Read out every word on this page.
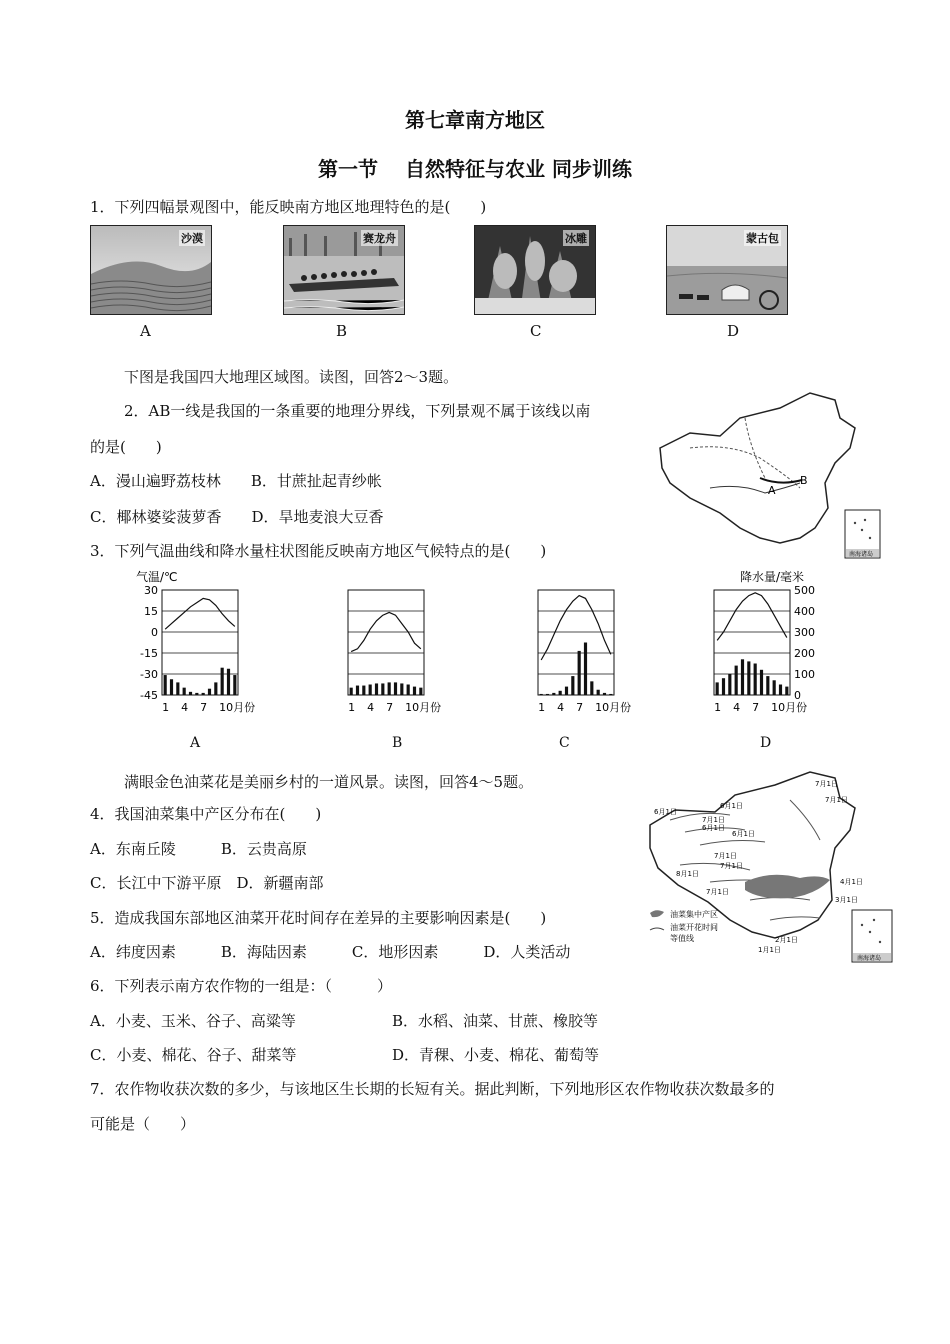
第七章南方地区
第一节　 自然特征与农业 同步训练
1．下列四幅景观图中，能反映南方地区地理特色的是(　　)
沙漠	赛龙舟	冰雕	蒙古包
A	B	C	D
下图是我国四大地理区域图。读图，回答2～3题。
2．AB一线是我国的一条重要的地理分界线，下列景观不属于该线以南
的是(　　)
A．漫山遍野荔枝林　　B．甘蔗扯起青纱帐
C．椰林婆娑菠萝香　　D．旱地麦浪大豆香
A
B
南海诸岛
3．下列气温曲线和降水量柱状图能反映南方地区气候特点的是(　　)
气温/℃	降水量/毫米
30
15
0
-15
-30
-45
1 4 7 10月份	1 4 7 10月份	1 4 7 10月份
500
400
300
200
100
0
1 4 7 10月份
A	B	C	D
满眼金色油菜花是美丽乡村的一道风景。读图，回答4～5题。
4．我国油菜集中产区分布在(　　)
A．东南丘陵　　　B．云贵高原
C．长江中下游平原　D．新疆南部
5．造成我国东部地区油菜开花时间存在差异的主要影响因素是(　　)
A．纬度因素　　　B．海陆因素　　　C．地形因素　　　D．人类活动
6月1日
6月1日
7月1日
7月1日
6月1日
7月1日
6月1日
7月1日
7月1日
8月1日
7月1日
4月1日
3月1日
2月1日
1月1日
油菜集中产区
油菜开花时间
等值线
南海诸岛
6．下列表示南方农作物的一组是：（　　　）
A．小麦、玉米、谷子、高粱等	B．水稻、油菜、甘蔗、橡胶等
C．小麦、棉花、谷子、甜菜等	D．青稞、小麦、棉花、葡萄等
7．农作物收获次数的多少，与该地区生长期的长短有关。据此判断，下列地形区农作物收获次数最多的
可能是（　　）
